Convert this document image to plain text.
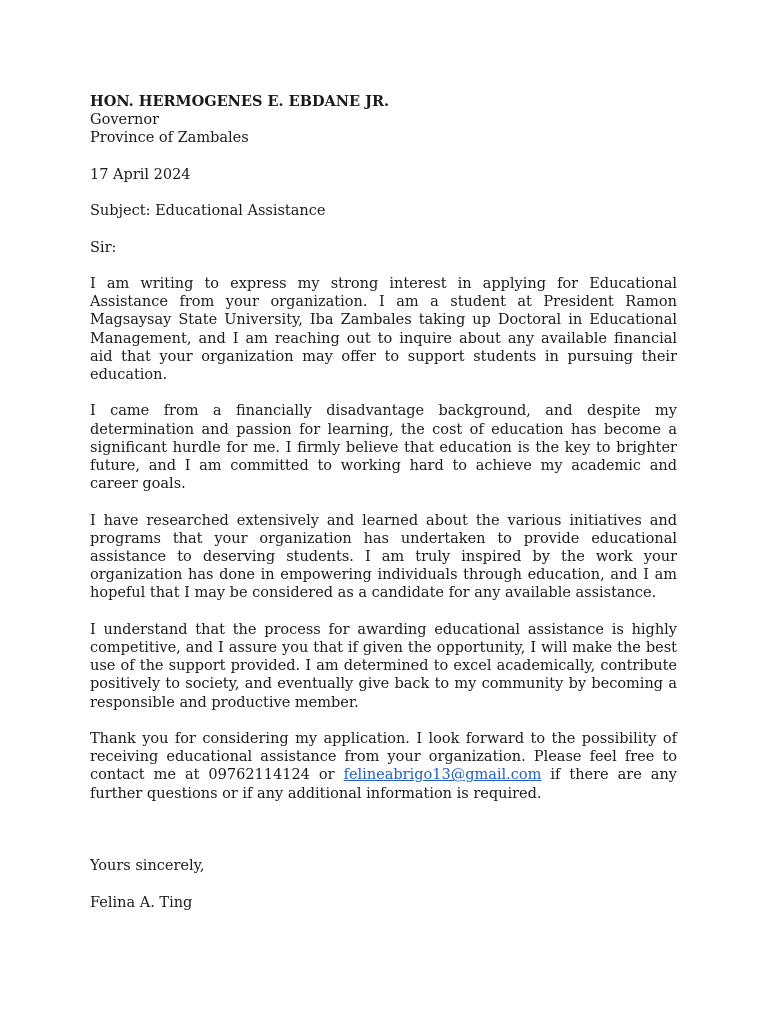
HON. HERMOGENES E. EBDANE JR.
Governor
Province of Zambales
17 April 2024
Subject: Educational Assistance
Sir:

I am writing to express my strong interest in applying for Educational Assistance from your organization. I am a student at President Ramon Magsaysay State University, Iba Zambales taking up Doctoral in Educational Management, and I am reaching out to inquire about any available financial aid that your organization may offer to support students in pursuing their education.

I came from a financially disadvantage background, and despite my determination and passion for learning, the cost of education has become a significant hurdle for me. I firmly believe that education is the key to brighter future, and I am committed to working hard to achieve my academic and career goals.

I have researched extensively and learned about the various initiatives and programs that your organization has undertaken to provide educational assistance to deserving students. I am truly inspired by the work your organization has done in empowering individuals through education, and I am hopeful that I may be considered as a candidate for any available assistance.

I understand that the process for awarding educational assistance is highly competitive, and I assure you that if given the opportunity, I will make the best use of the support provided. I am determined to excel academically, contribute positively to society, and eventually give back to my community by becoming a responsible and productive member.

Thank you for considering my application. I look forward to the possibility of receiving educational assistance from your organization. Please feel free to contact me at 09762114124 or felineabrigo13@gmail.com if there are any further questions or if any additional information is required.

Yours sincerely,
Felina A. Ting
